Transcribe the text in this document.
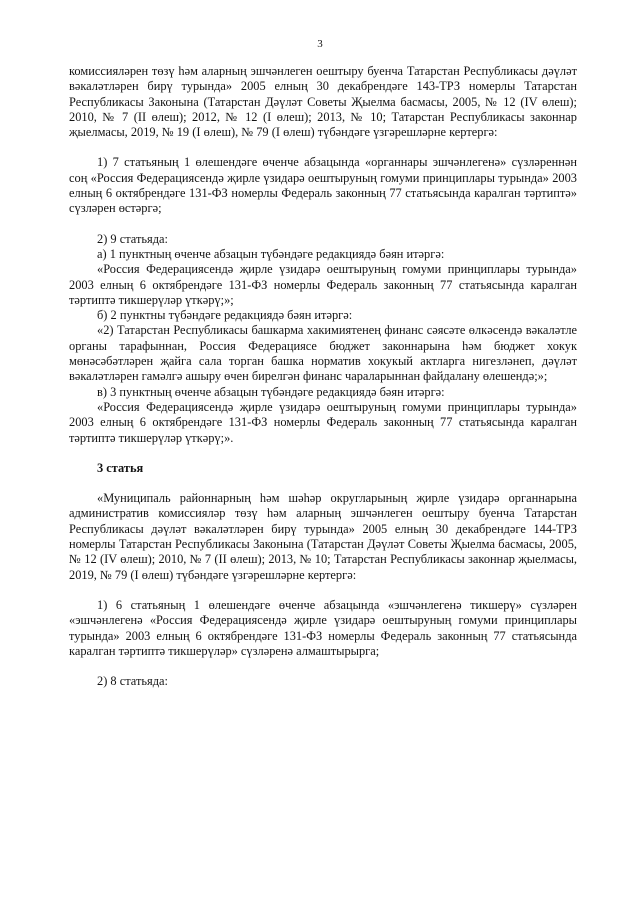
3

комиссияләрен төзү һәм аларның эшчәнлеген оештыру буенча Татарстан Республикасы дәүләт вәкаләтләрен бирү турында» 2005 елның 30 декабрендәге 143-ТРЗ номерлы Татарстан Республикасы Законына (Татарстан Дәүләт Советы Җыелма басмасы, 2005, № 12 (IV өлеш); 2010, № 7 (II өлеш); 2012, № 12 (I өлеш); 2013, № 10; Татарстан Республикасы законнар җыелмасы, 2019, № 19 (I өлеш), № 79 (I өлеш) түбәндәге үзгәрешләрне кертергә:

1) 7 статьяның 1 өлешендәге өченче абзацында «органнары эшчәнлегенә» сүзләреннән соң «Россия Федерациясендә җирле үзидарә оештыруның гомуми принциплары турында» 2003 елның 6 октябрендәге 131-ФЗ номерлы Федераль законның 77 статьясында каралган тәртиптә» сүзләрен өстәргә;

2) 9 статьяда:

а) 1 пунктның өченче абзацын түбәндәге редакциядә бәян итәргә:

«Россия Федерациясендә җирле үзидарә оештыруның гомуми принциплары турында» 2003 елның 6 октябрендәге 131-ФЗ номерлы Федераль законның 77 статьясында каралган тәртиптә тикшерүләр үткәрү;»;

б) 2 пунктны түбәндәге редакциядә бәян итәргә:

«2) Татарстан Республикасы башкарма хакимиятенең финанс сәясәте өлкәсендә вәкаләтле органы тарафыннан, Россия Федерациясе бюджет законнарына һәм бюджет хокук мөнәсәбәтләрен җайга сала торган башка норматив хокукый актларга нигезләнеп, дәүләт вәкаләтләрен гамәлгә ашыру өчен бирелгән финанс чараларыннан файдалану өлешендә;»;

в) 3 пунктның өченче абзацын түбәндәге редакциядә бәян итәргә:

«Россия Федерациясендә җирле үзидарә оештыруның гомуми принциплары турында» 2003 елның 6 октябрендәге 131-ФЗ номерлы Федераль законның 77 статьясында каралган тәртиптә тикшерүләр үткәрү;».

3 статья

«Муниципаль районнарның һәм шәһәр округларының җирле үзидарә органнарына административ комиссияләр төзү һәм аларның эшчәнлеген оештыру буенча Татарстан Республикасы дәүләт вәкаләтләрен бирү турында» 2005 елның 30 декабрендәге 144-ТРЗ номерлы Татарстан Республикасы Законына (Татарстан Дәүләт Советы Җыелма басмасы, 2005, № 12 (IV өлеш); 2010, № 7 (II өлеш); 2013, № 10; Татарстан Республикасы законнар җыелмасы, 2019, № 79 (I өлеш) түбәндәге үзгәрешләрне кертергә:

1) 6 статьяның 1 өлешендәге өченче абзацында «эшчәнлегенә тикшерү» сүзләрен «эшчәнлегенә «Россия Федерациясендә җирле үзидарә оештыруның гомуми принциплары турында» 2003 елның 6 октябрендәге 131-ФЗ номерлы Федераль законның 77 статьясында каралган тәртиптә тикшерүләр» сүзләренә алмаштырырга;

2) 8 статьяда:
